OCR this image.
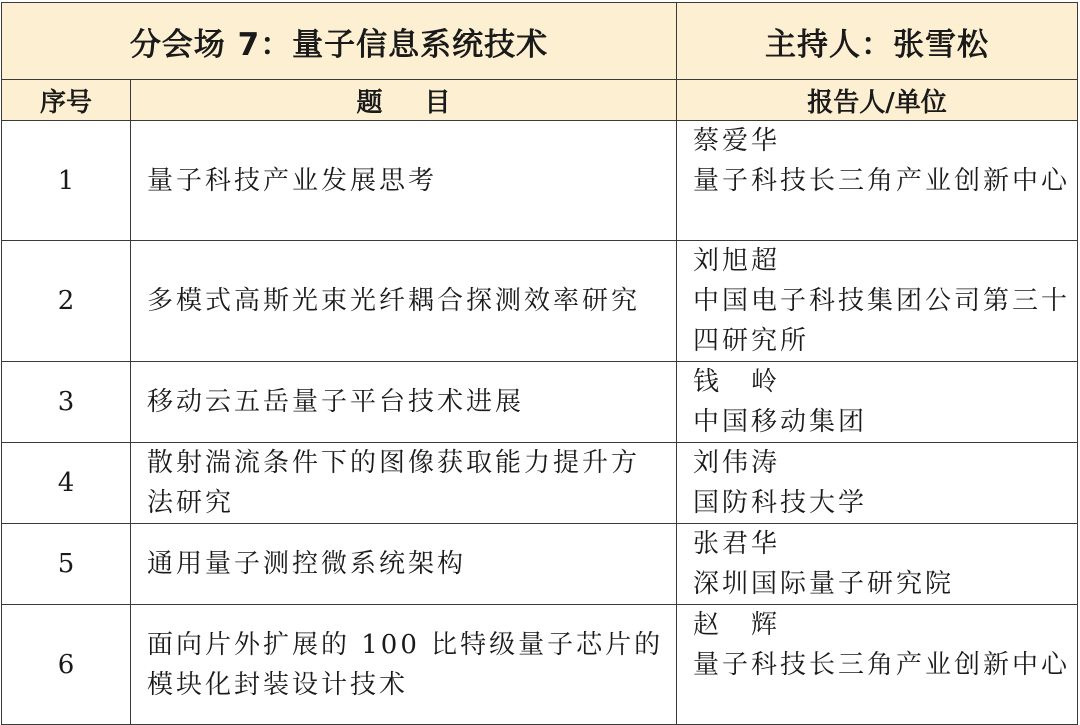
分会场 7：量子信息系统技术		主持人：张雪松
序号	题目	报告人/单位
1	量子科技产业发展思考	蔡爱华
量子科技长三角产业创新中心

2	多模式高斯光束光纤耦合探测效率研究	刘旭超
中国电子科技集团公司第三十四研究所

3	移动云五岳量子平台技术进展	钱　岭
中国移动集团

4	散射湍流条件下的图像获取能力提升方法研究	刘伟涛
国防科技大学

5	通用量子测控微系统架构	张君华
深圳国际量子研究院

6	面向片外扩展的 100 比特级量子芯片的模块化封装设计技术	赵　辉
量子科技长三角产业创新中心
